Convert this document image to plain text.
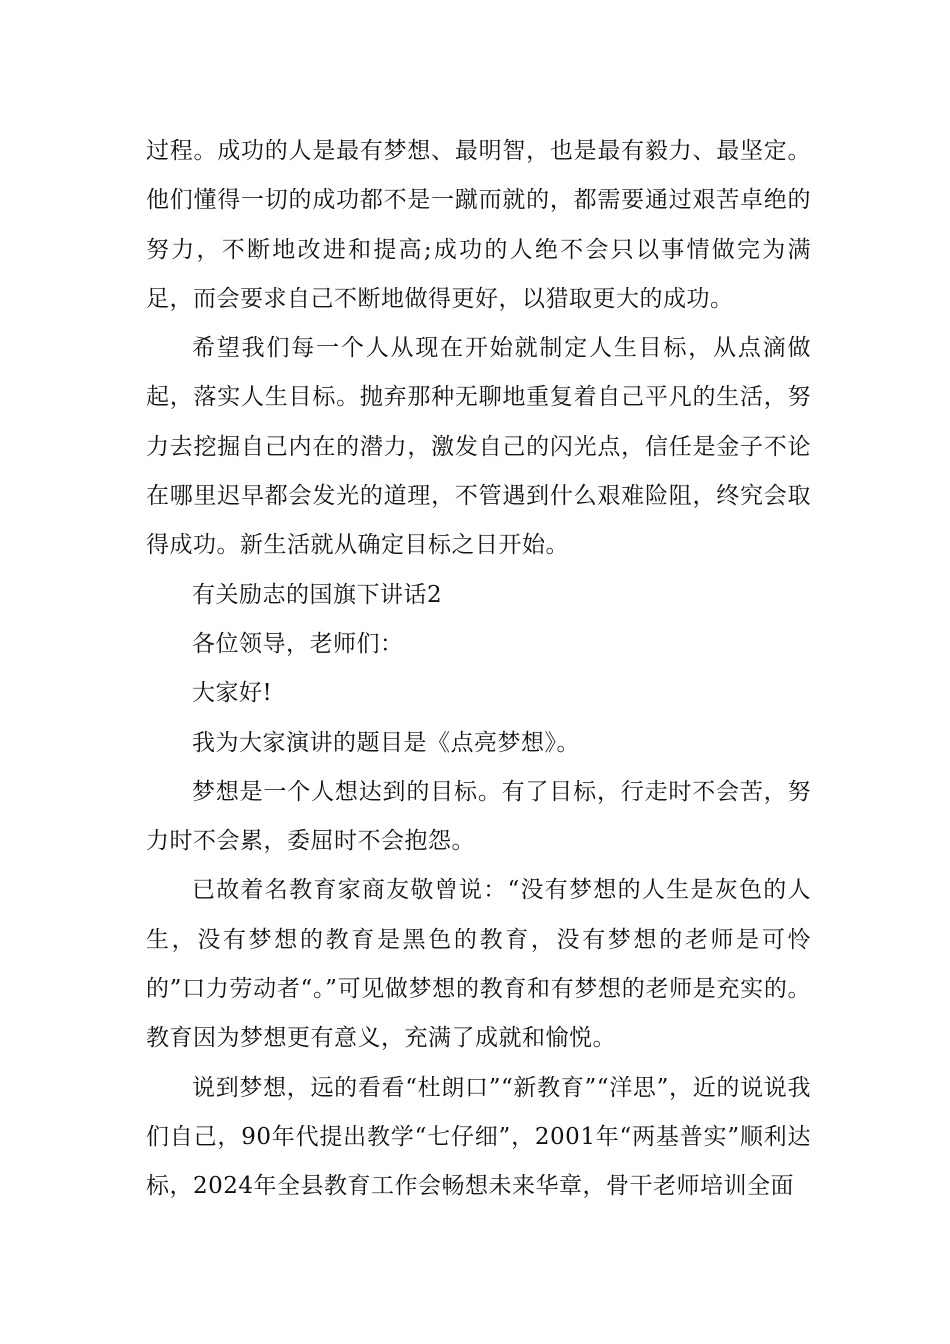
过程。成功的人是最有梦想、最明智，也是最有毅力、最坚定。他们懂得一切的成功都不是一蹴而就的，都需要通过艰苦卓绝的努力，不断地改进和提高;成功的人绝不会只以事情做完为满足，而会要求自己不断地做得更好，以猎取更大的成功。

希望我们每一个人从现在开始就制定人生目标，从点滴做起，落实人生目标。抛弃那种无聊地重复着自己平凡的生活，努力去挖掘自己内在的潜力，激发自己的闪光点，信任是金子不论在哪里迟早都会发光的道理，不管遇到什么艰难险阻，终究会取得成功。新生活就从确定目标之日开始。

有关励志的国旗下讲话2

各位领导，老师们：

大家好!

我为大家演讲的题目是《点亮梦想》。

梦想是一个人想达到的目标。有了目标，行走时不会苦，努力时不会累，委屈时不会抱怨。

已故着名教育家商友敬曾说：“没有梦想的人生是灰色的人生，没有梦想的教育是黑色的教育，没有梦想的老师是可怜的”口力劳动者“。”可见做梦想的教育和有梦想的老师是充实的。教育因为梦想更有意义，充满了成就和愉悦。

说到梦想，远的看看“杜朗口”“新教育”“洋思”，近的说说我们自己，90年代提出教学“七仔细”，2001年“两基普实”顺利达标，2024年全县教育工作会畅想未来华章，骨干老师培训全面
